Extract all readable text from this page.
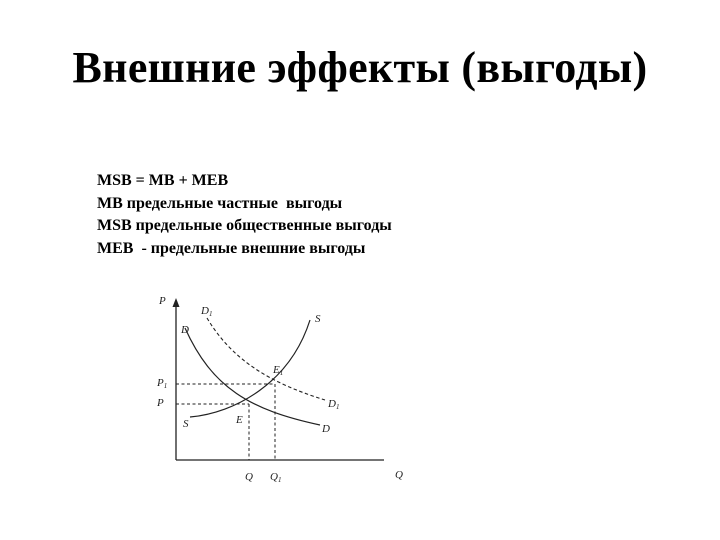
Внешние эффекты (выгоды)
MSB = MB + MEB
MB предельные частные  выгоды
MSB предельные общественные выгоды
MEB  - предельные внешние выгоды
P
Q
D1
D
S
E1
D1
S	E
D
P1
P
Q Q1
